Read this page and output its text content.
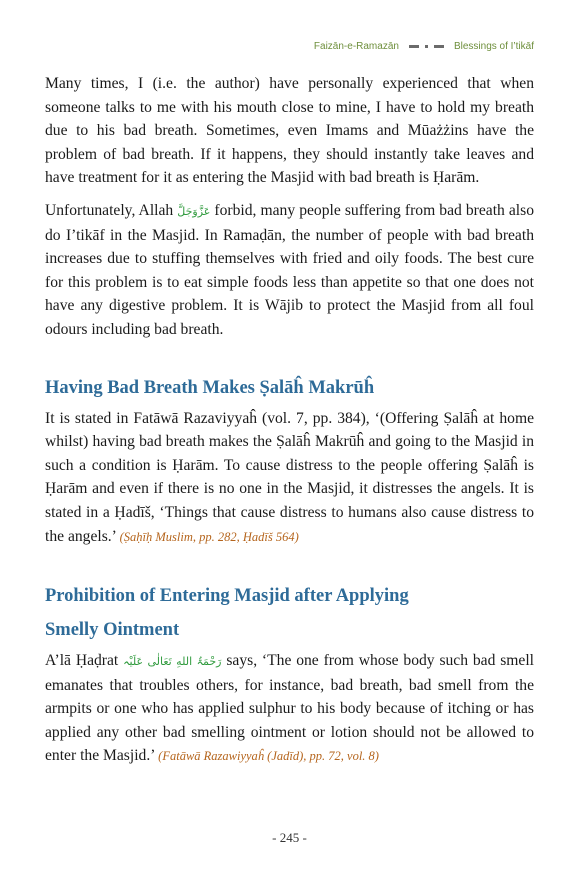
Faizān-e-Ramazān	Blessings of I’tikāf

Many times, I (i.e. the author) have personally experienced that when someone talks to me with his mouth close to mine, I have to hold my breath due to his bad breath. Sometimes, even Imams and Mūażżins have the problem of bad breath. If it happens, they should instantly take leaves and have treatment for it as entering the Masjid with bad breath is Ḥarām.

Unfortunately, Allah عَزَّوَجَلَّ forbid, many people suffering from bad breath also do I’tikāf in the Masjid. In Ramaḍān, the number of people with bad breath increases due to stuffing themselves with fried and oily foods. The best cure for this problem is to eat simple foods less than appetite so that one does not have any digestive problem. It is Wājib to protect the Masjid from all foul odours including bad breath.

Having Bad Breath Makes Ṣalāĥ Makrūĥ

It is stated in Fatāwā Razaviyyaĥ (vol. 7, pp. 384), ‘(Offering Ṣalāĥ at home whilst) having bad breath makes the Ṣalāĥ Makrūĥ and going to the Masjid in such a condition is Ḥarām. To cause distress to the people offering Ṣalāĥ is Ḥarām and even if there is no one in the Masjid, it distresses the angels. It is stated in a Ḥadīš, ‘Things that cause distress to humans also cause distress to the angels.’ (Ṣaḥīḥ Muslim, pp. 282, Ḥadīš 564)

Prohibition of Entering Masjid after Applying
Smelly Ointment

A’lā Ḥaḍrat رَحْمَۃُ اللهِ تَعَالٰی عَلَیْہ says, ‘The one from whose body such bad smell emanates that troubles others, for instance, bad breath, bad smell from the armpits or one who has applied sulphur to his body because of itching or has applied any other bad smelling ointment or lotion should not be allowed to enter the Masjid.’ (Fatāwā Razawiyyaĥ (Jadīd), pp. 72, vol. 8)

- 245 -
